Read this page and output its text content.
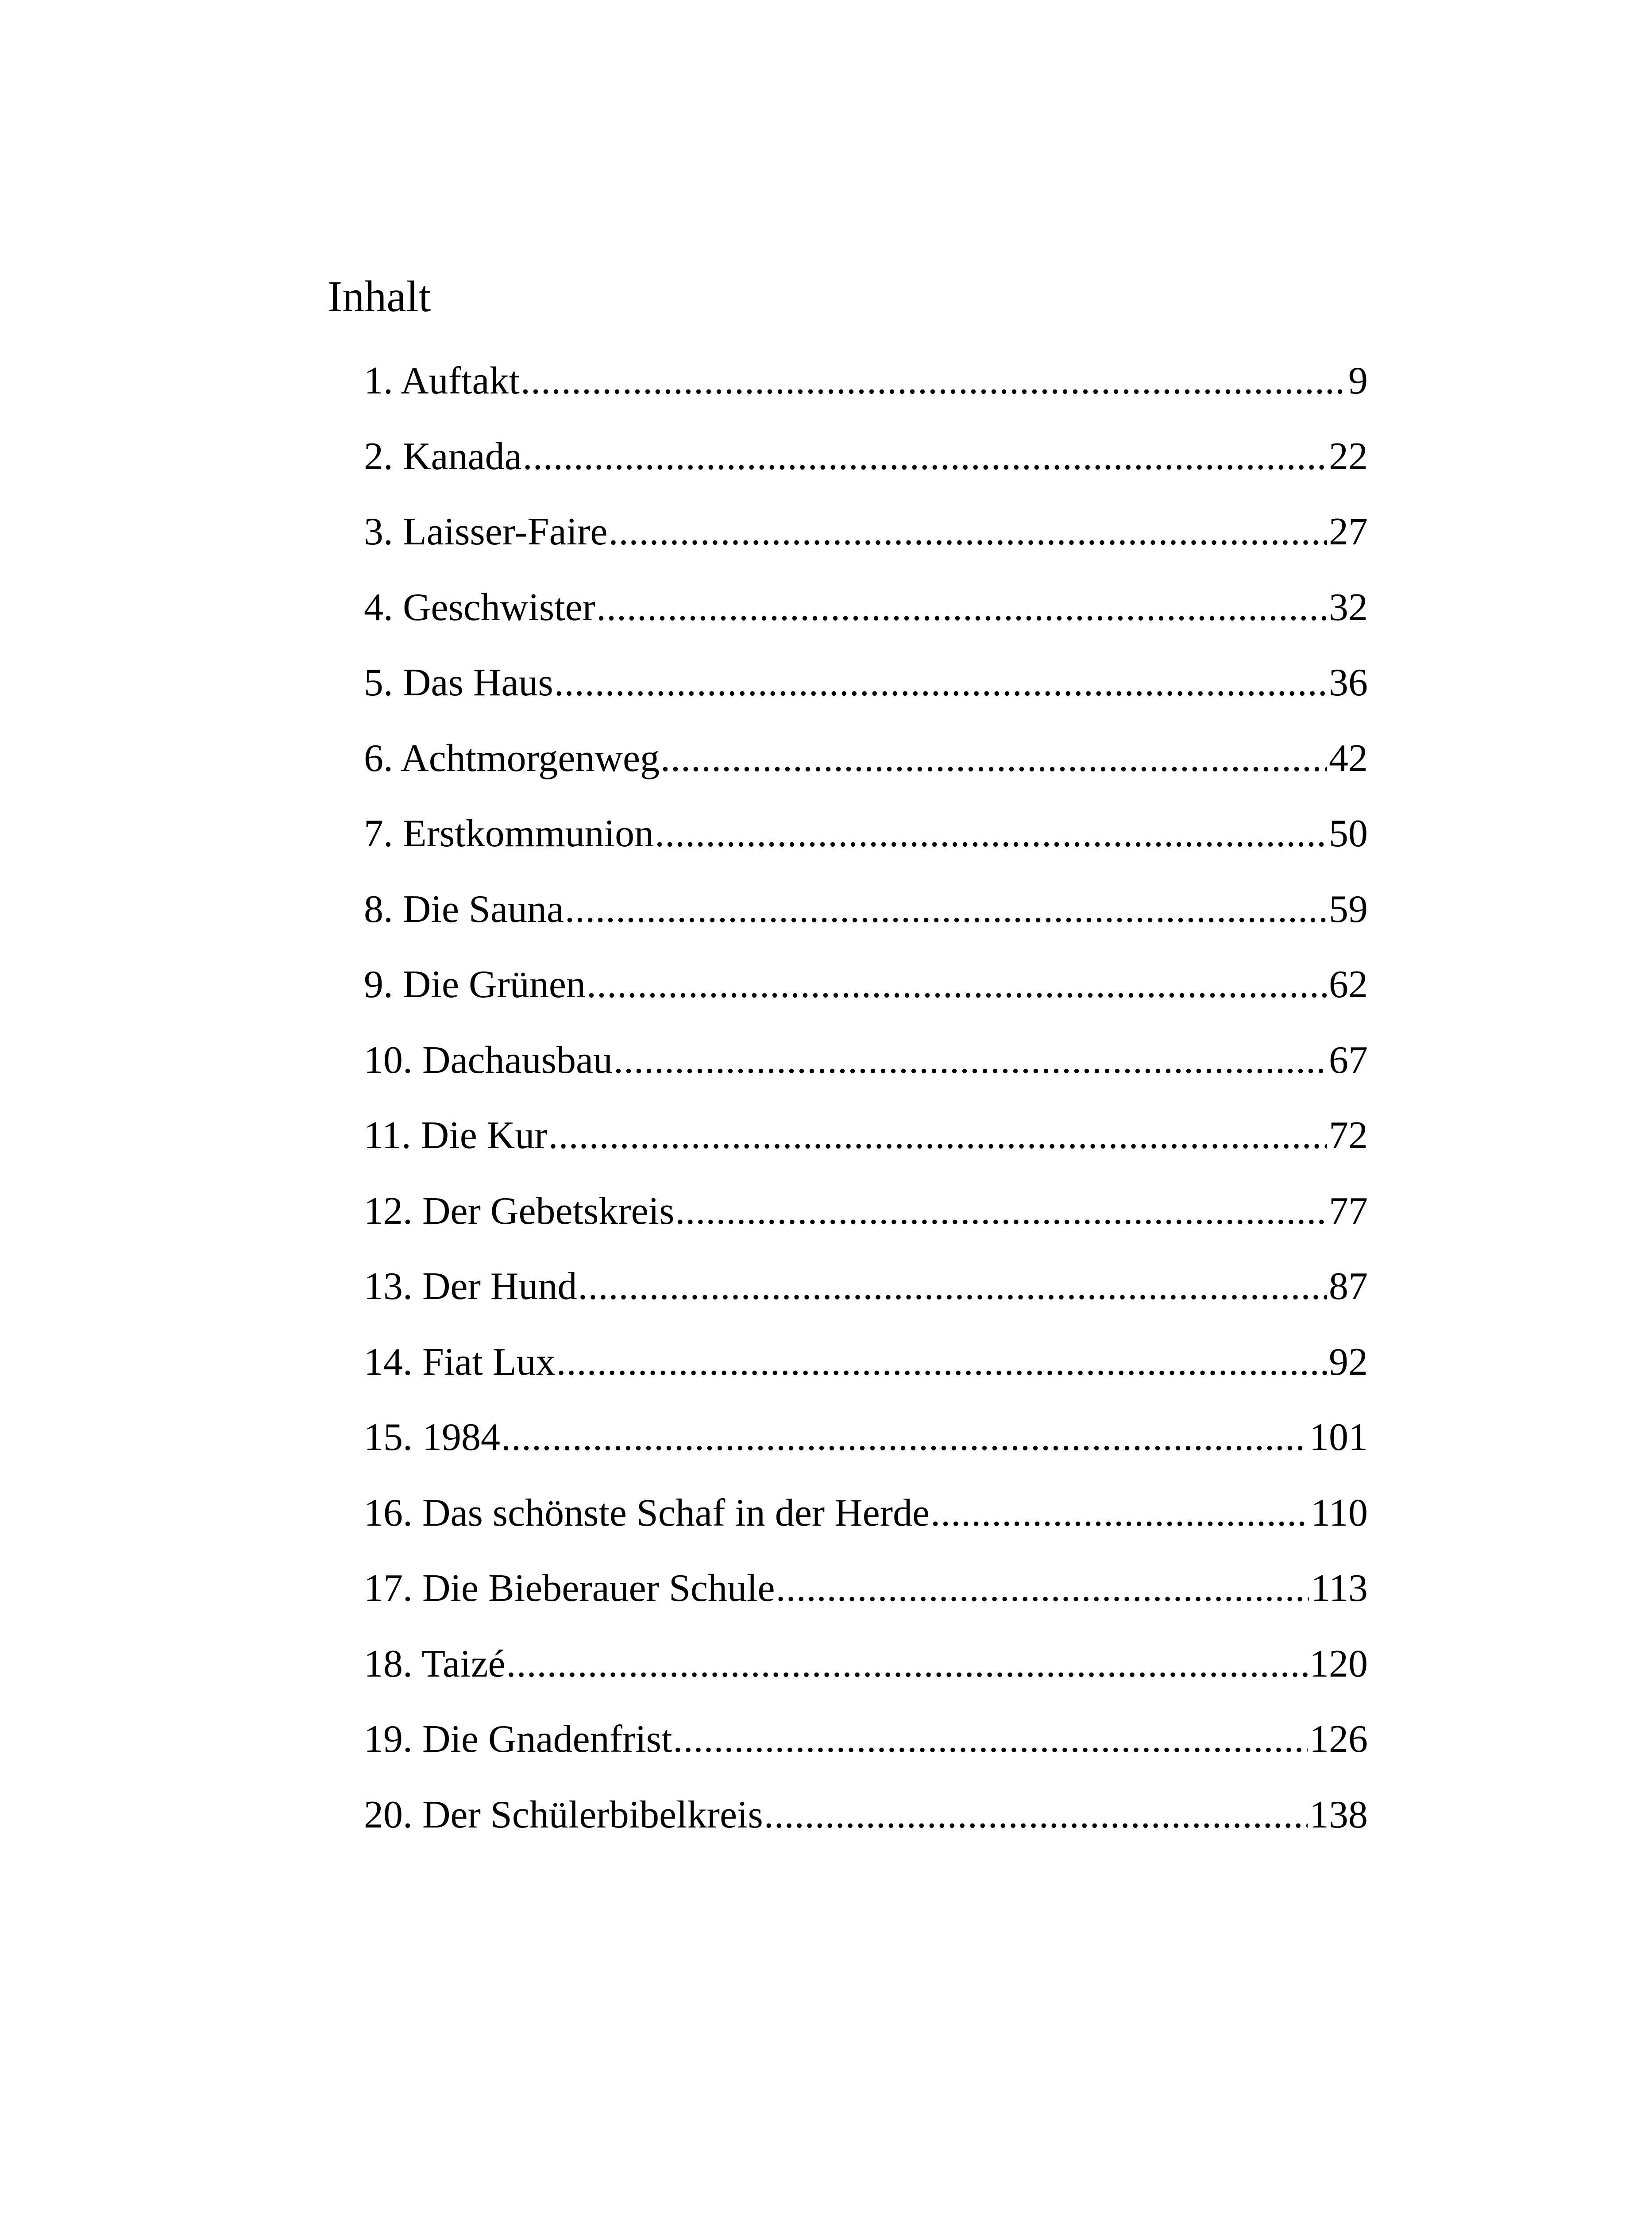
Inhalt
1. Auftakt .....	9
2. Kanada .....	22
3. Laisser-Faire .....	27
4. Geschwister .....	32
5. Das Haus .....	36
6. Achtmorgenweg .....	42
7. Erstkommunion .....	50
8. Die Sauna .....	59
9. Die Grünen .....	62
10. Dachausbau .....	67
11. Die Kur .....	72
12. Der Gebetskreis .....	77
13. Der Hund .....	87
14. Fiat Lux .....	92
15. 1984 .....	101
16. Das schönste Schaf in der Herde .....	110
17. Die Bieberauer Schule .....	113
18. Taizé .....	120
19. Die Gnadenfrist .....	126
20. Der Schülerbibelkreis .....	138
